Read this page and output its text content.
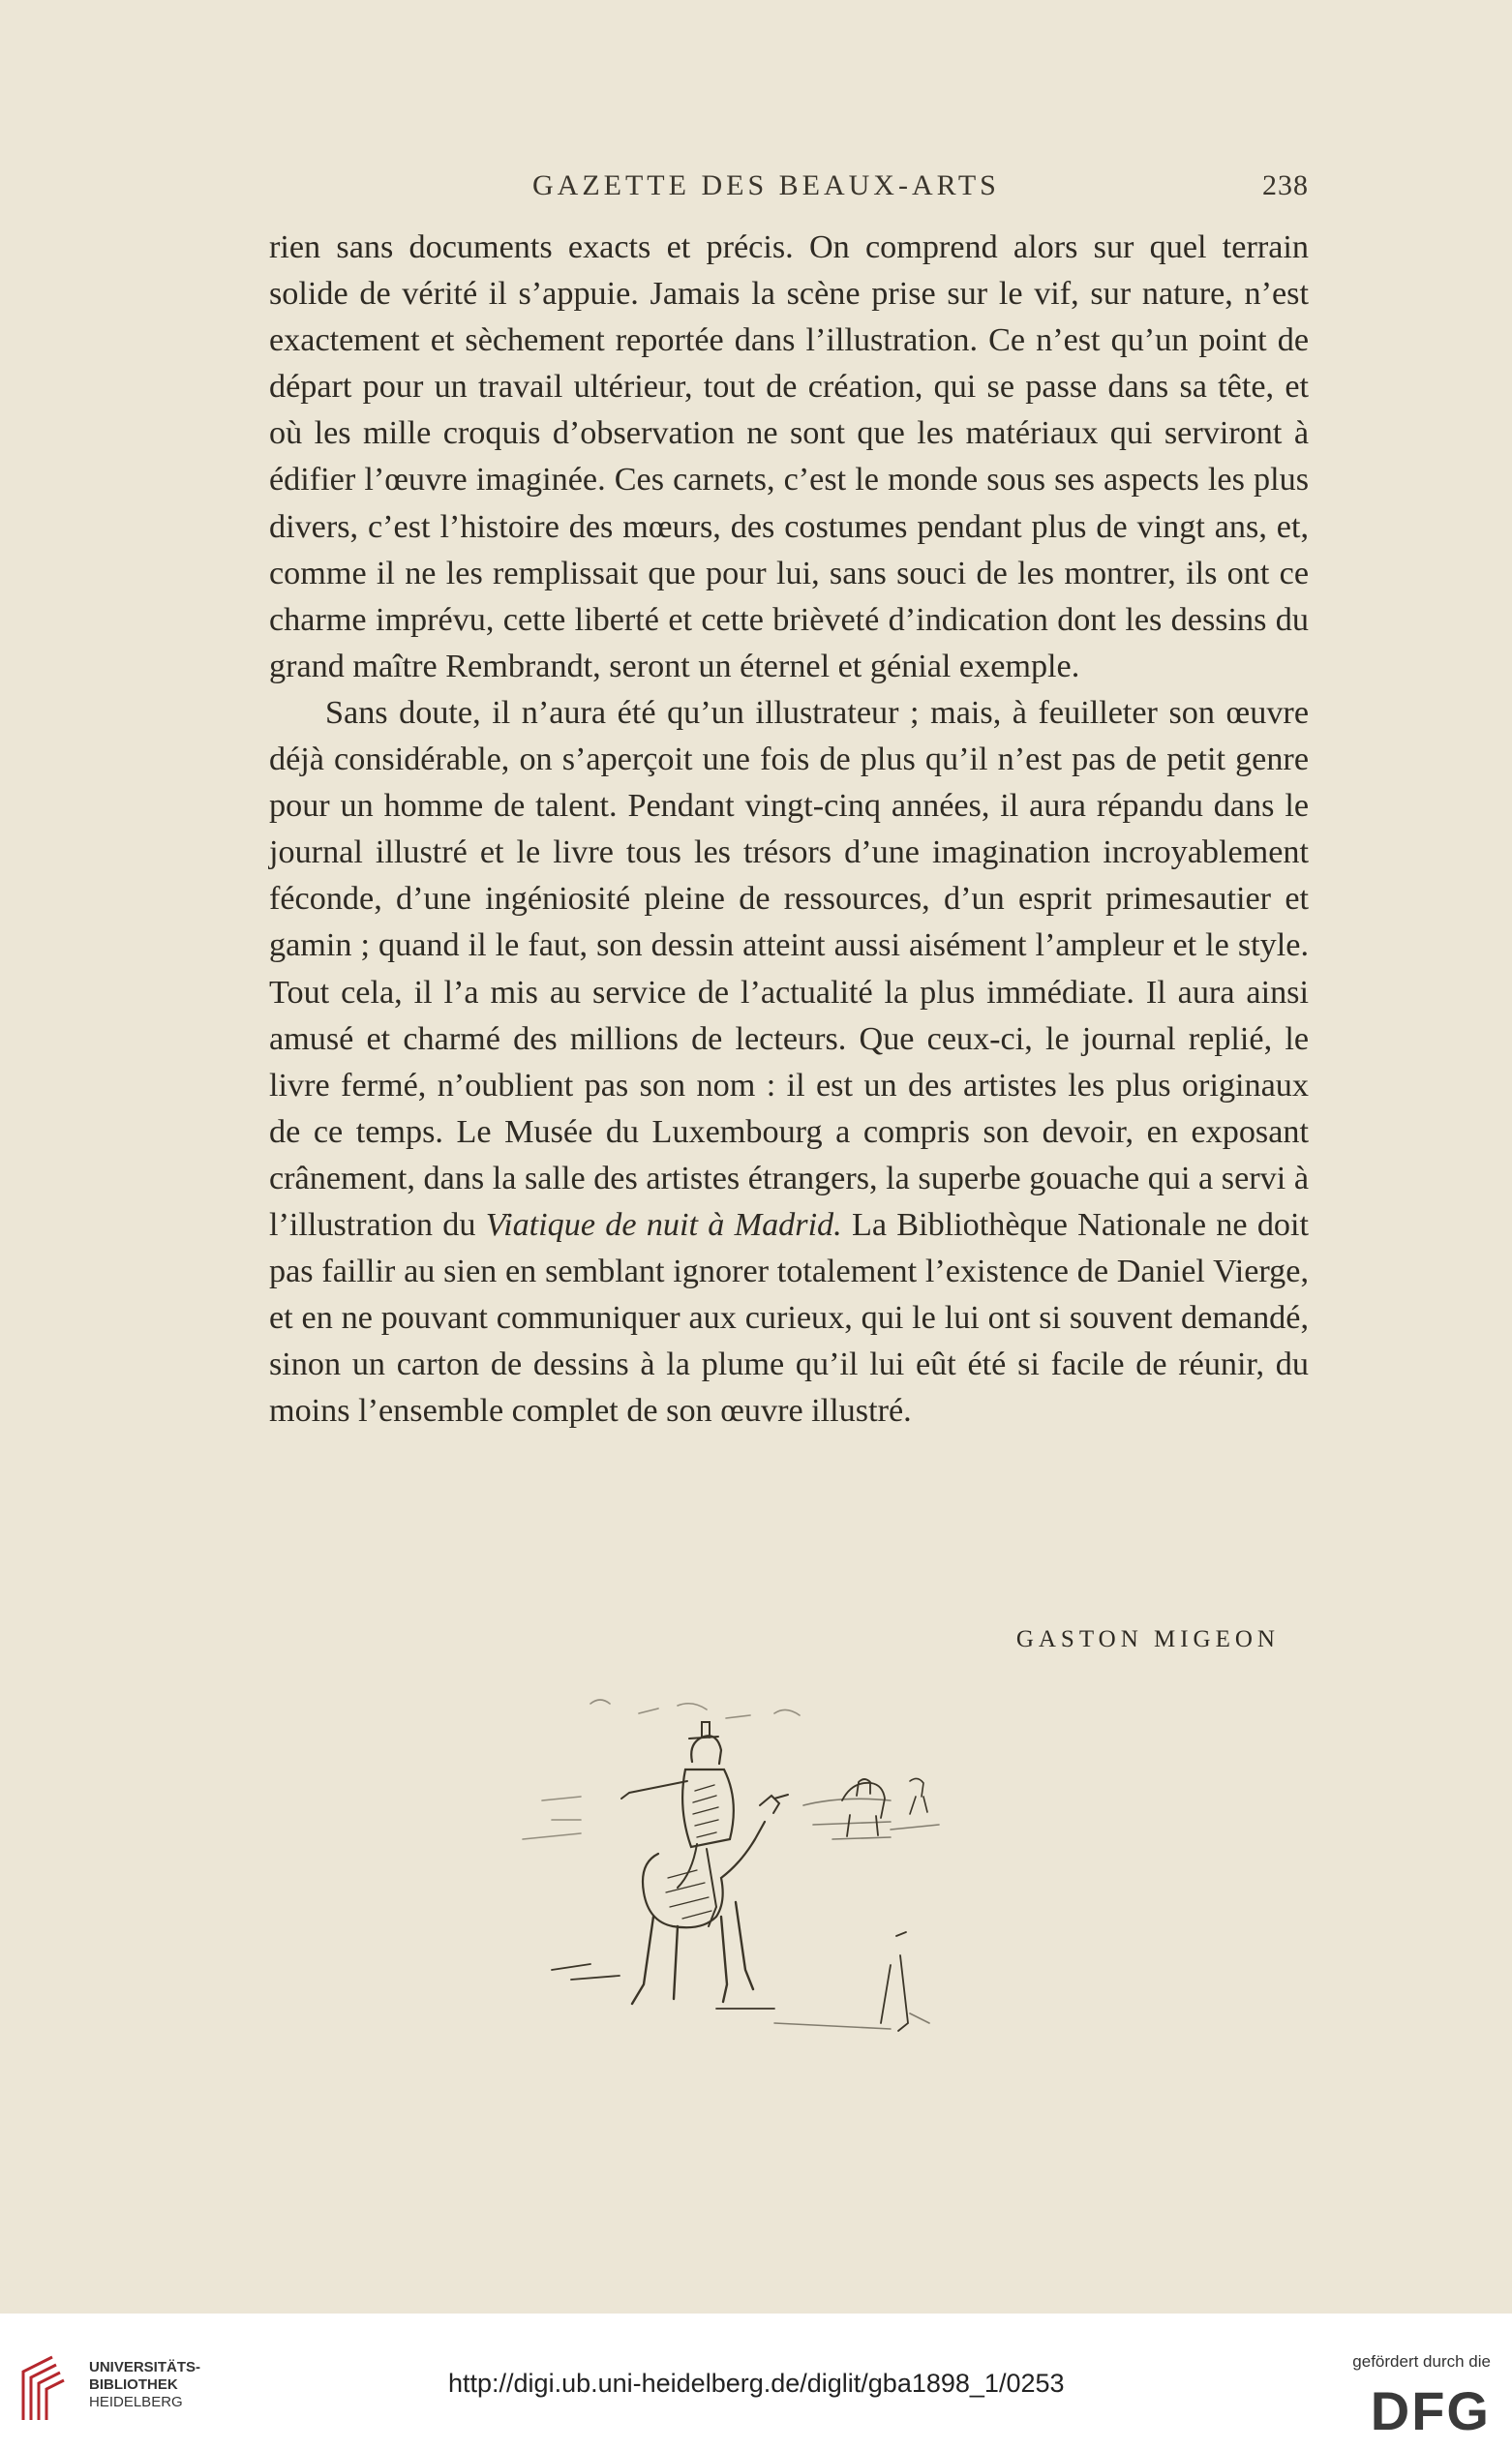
GAZETTE DES BEAUX-ARTS	238

rien sans documents exacts et précis. On comprend alors sur quel terrain solide de vérité il s’appuie. Jamais la scène prise sur le vif, sur nature, n’est exactement et sèchement reportée dans l’illustration. Ce n’est qu’un point de départ pour un travail ultérieur, tout de création, qui se passe dans sa tête, et où les mille croquis d’observation ne sont que les matériaux qui serviront à édifier l’œuvre imaginée. Ces carnets, c’est le monde sous ses aspects les plus divers, c’est l’histoire des mœurs, des costumes pendant plus de vingt ans, et, comme il ne les remplissait que pour lui, sans souci de les montrer, ils ont ce charme imprévu, cette liberté et cette brièveté d’indication dont les dessins du grand maître Rembrandt, seront un éternel et génial exemple.

Sans doute, il n’aura été qu’un illustrateur ; mais, à feuilleter son œuvre déjà considérable, on s’aperçoit une fois de plus qu’il n’est pas de petit genre pour un homme de talent. Pendant vingt-cinq années, il aura répandu dans le journal illustré et le livre tous les trésors d’une imagination incroyablement féconde, d’une ingéniosité pleine de ressources, d’un esprit primesautier et gamin ; quand il le faut, son dessin atteint aussi aisément l’ampleur et le style. Tout cela, il l’a mis au service de l’actualité la plus immédiate. Il aura ainsi amusé et charmé des millions de lecteurs. Que ceux-ci, le journal replié, le livre fermé, n’oublient pas son nom : il est un des artistes les plus originaux de ce temps. Le Musée du Luxembourg a compris son devoir, en exposant crânement, dans la salle des artistes étrangers, la superbe gouache qui a servi à l’illustration du Viatique de nuit à Madrid. La Bibliothèque Nationale ne doit pas faillir au sien en semblant ignorer totalement l’existence de Daniel Vierge, et en ne pouvant communiquer aux curieux, qui le lui ont si souvent demandé, sinon un carton de dessins à la plume qu’il lui eût été si facile de réunir, du moins l’ensemble complet de son œuvre illustré.

GASTON MIGEON
UNIVERSITÄTS-
BIBLIOTHEK
HEIDELBERG
http://digi.ub.uni-heidelberg.de/diglit/gba1898_1/0253
gefördert durch die
DFG
